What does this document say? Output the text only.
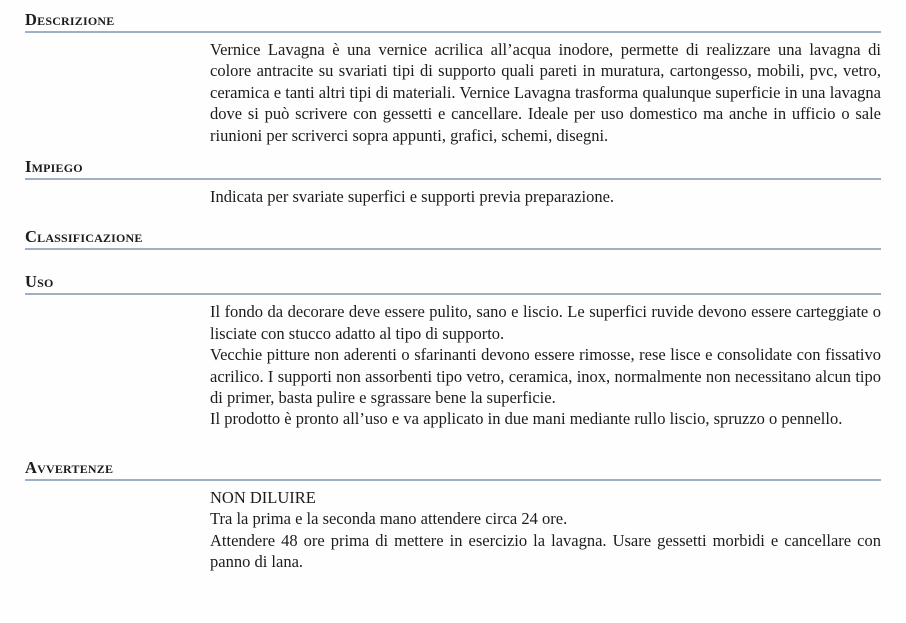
Descrizione

Vernice Lavagna è una vernice acrilica all’acqua inodore, permette di realizzare una lavagna di colore antracite su svariati tipi di supporto quali pareti in muratura, cartongesso, mobili, pvc, vetro, ceramica e tanti altri tipi di materiali. Vernice Lavagna trasforma qualunque superficie in una lavagna dove si può scrivere con gessetti e cancellare. Ideale per uso domestico ma anche in ufficio o sale riunioni per scriverci sopra appunti, grafici, schemi, disegni.

Impiego

Indicata per svariate superfici e supporti previa preparazione.

Classificazione
Uso

Il fondo da decorare deve essere pulito, sano e liscio. Le superfici ruvide devono essere carteggiate o lisciate con stucco adatto al tipo di supporto.

Vecchie pitture non aderenti o sfarinanti devono essere rimosse, rese lisce e consolidate con fissativo acrilico. I supporti non assorbenti tipo vetro, ceramica, inox, normalmente non necessitano alcun tipo di primer, basta pulire e sgrassare bene la superficie.

Il prodotto è pronto all’uso e va applicato in due mani mediante rullo liscio, spruzzo o pennello.

Avvertenze

NON DILUIRE

Tra la prima e la seconda mano attendere circa 24 ore.

Attendere 48 ore prima di mettere in esercizio la lavagna. Usare gessetti morbidi e cancellare con panno di lana.
